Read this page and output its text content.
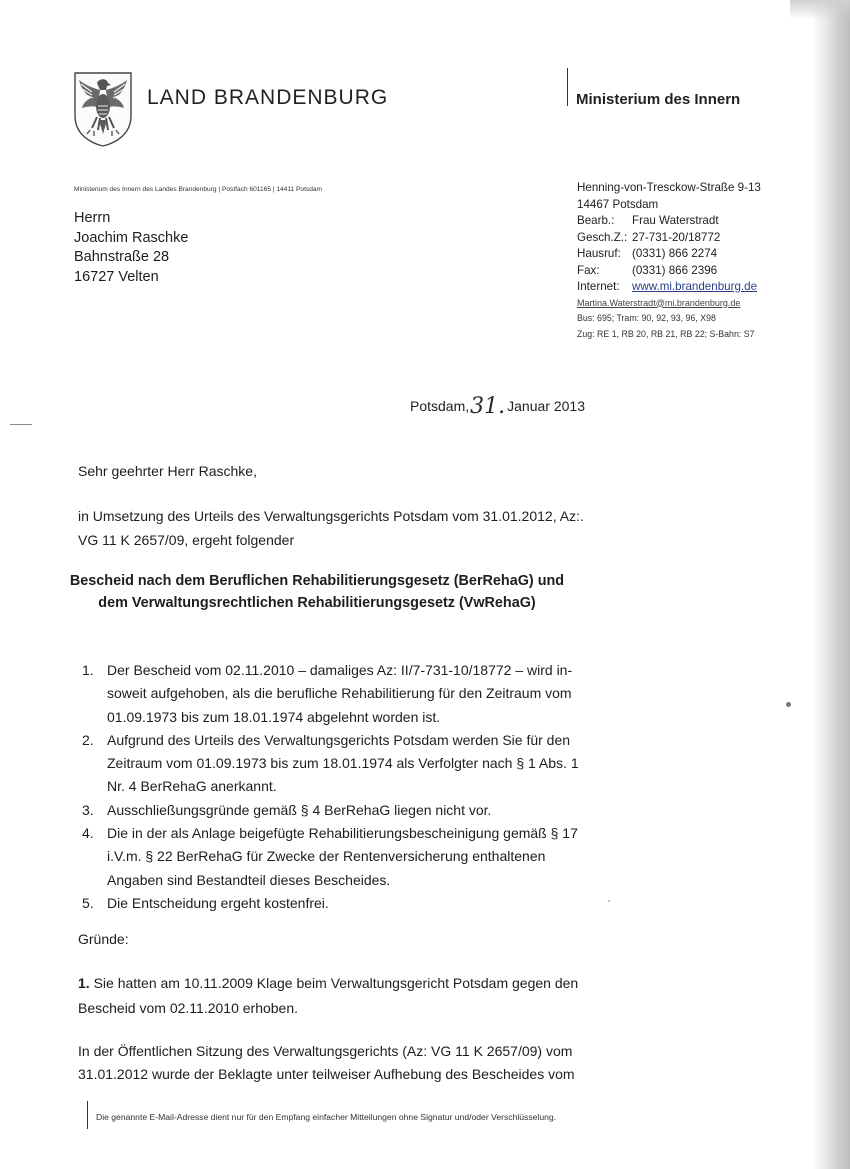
LAND BRANDENBURG	Ministerium des Innern
Ministerium des Innern des Landes Brandenburg | Postfach 601165 | 14411 Potsdam
Herrn
Joachim Raschke
Bahnstraße 28
16727 Velten
Henning-von-Tresckow-Straße 9-13
14467 Potsdam
Bearb.:	Frau Waterstradt
Gesch.Z.: 27-731-20/18772
Hausruf: (0331) 866 2274
Fax:	(0331) 866 2396
Internet:	www.mi.brandenburg.de
Martina.Waterstradt@mi.brandenburg.de
Bus: 695; Tram: 90, 92, 93, 96, X98
Zug: RE 1, RB 20, RB 21, RB 22; S-Bahn: S7
Potsdam,31. Januar 2013
Sehr geehrter Herr Raschke,
in Umsetzung des Urteils des Verwaltungsgerichts Potsdam vom 31.01.2012, Az:.
VG 11 K 2657/09, ergeht folgender
Bescheid nach dem Beruflichen Rehabilitierungsgesetz (BerRehaG) und
dem Verwaltungsrechtlichen Rehabilitierungsgesetz (VwRehaG)
1. Der Bescheid vom 02.11.2010 – damaliges Az: II/7-731-10/18772 – wird in-
soweit aufgehoben, als die berufliche Rehabilitierung für den Zeitraum vom
01.09.1973 bis zum 18.01.1974 abgelehnt worden ist.
2. Aufgrund des Urteils des Verwaltungsgerichts Potsdam werden Sie für den
Zeitraum vom 01.09.1973 bis zum 18.01.1974 als Verfolgter nach § 1 Abs. 1
Nr. 4 BerRehaG anerkannt.
3. Ausschließungsgründe gemäß § 4 BerRehaG liegen nicht vor.
4. Die in der als Anlage beigefügte Rehabilitierungsbescheinigung gemäß § 17
i.V.m. § 22 BerRehaG für Zwecke der Rentenversicherung enthaltenen
Angaben sind Bestandteil dieses Bescheides.
5. Die Entscheidung ergeht kostenfrei.
Gründe:
1. Sie hatten am 10.11.2009 Klage beim Verwaltungsgericht Potsdam gegen den
Bescheid vom 02.11.2010 erhoben.
In der Öffentlichen Sitzung des Verwaltungsgerichts (Az: VG 11 K 2657/09) vom
31.01.2012 wurde der Beklagte unter teilweiser Aufhebung des Bescheides vom
Die genannte E-Mail-Adresse dient nur für den Empfang einfacher Mitteilungen ohne Signatur und/oder Verschlüsselung.
